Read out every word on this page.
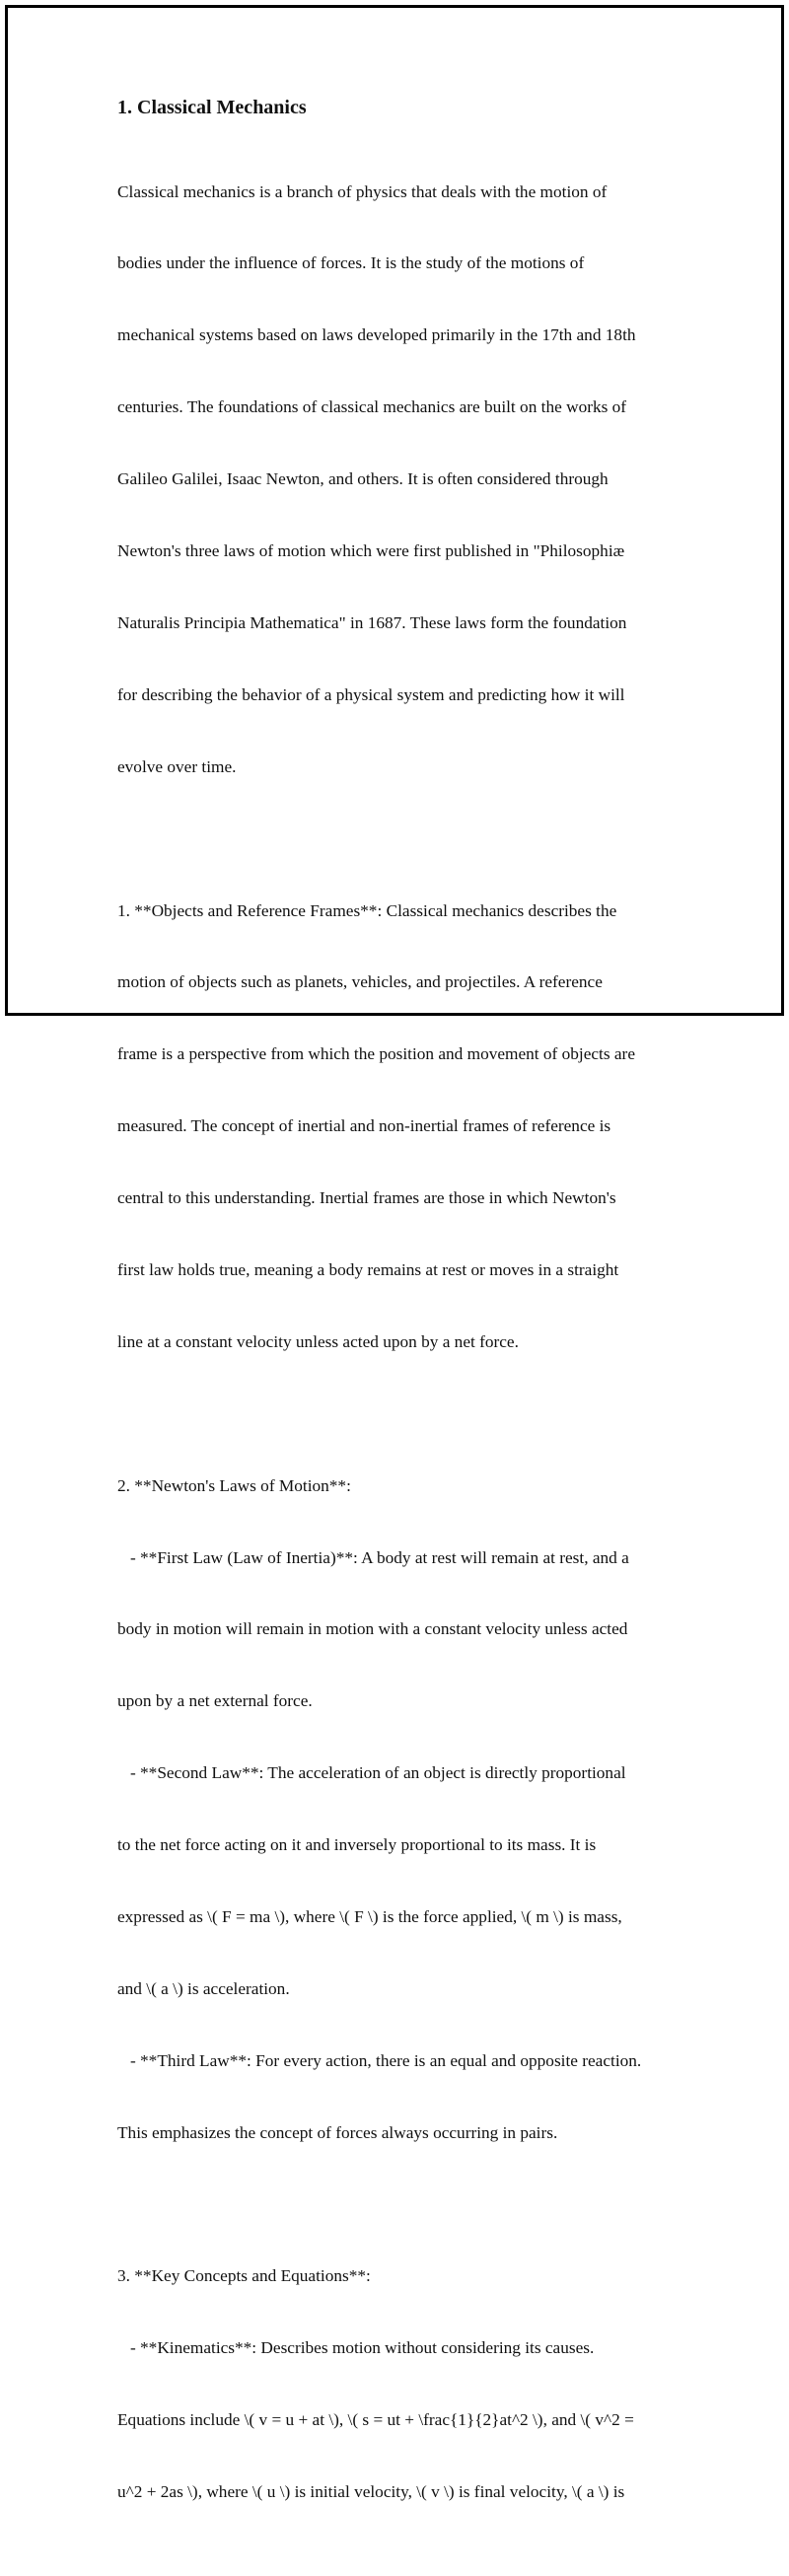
1. Classical Mechanics

Classical mechanics is a branch of physics that deals with the motion of

bodies under the influence of forces. It is the study of the motions of

mechanical systems based on laws developed primarily in the 17th and 18th

centuries. The foundations of classical mechanics are built on the works of

Galileo Galilei, Isaac Newton, and others. It is often considered through

Newton's three laws of motion which were first published in "Philosophiæ

Naturalis Principia Mathematica" in 1687. These laws form the foundation

for describing the behavior of a physical system and predicting how it will

evolve over time.

1. **Objects and Reference Frames**: Classical mechanics describes the

motion of objects such as planets, vehicles, and projectiles. A reference

frame is a perspective from which the position and movement of objects are

measured. The concept of inertial and non-inertial frames of reference is

central to this understanding. Inertial frames are those in which Newton's

first law holds true, meaning a body remains at rest or moves in a straight

line at a constant velocity unless acted upon by a net force.

2. **Newton's Laws of Motion**:

- **First Law (Law of Inertia)**: A body at rest will remain at rest, and a

body in motion will remain in motion with a constant velocity unless acted

upon by a net external force.

- **Second Law**: The acceleration of an object is directly proportional

to the net force acting on it and inversely proportional to its mass. It is

expressed as \( F = ma \), where \( F \) is the force applied, \( m \) is mass,

and \( a \) is acceleration.

- **Third Law**: For every action, there is an equal and opposite reaction.

This emphasizes the concept of forces always occurring in pairs.

3. **Key Concepts and Equations**:

- **Kinematics**: Describes motion without considering its causes.

Equations include \( v = u + at \), \( s = ut + \frac{1}{2}at^2 \), and \( v^2 =

u^2 + 2as \), where \( u \) is initial velocity, \( v \) is final velocity, \( a \) is
